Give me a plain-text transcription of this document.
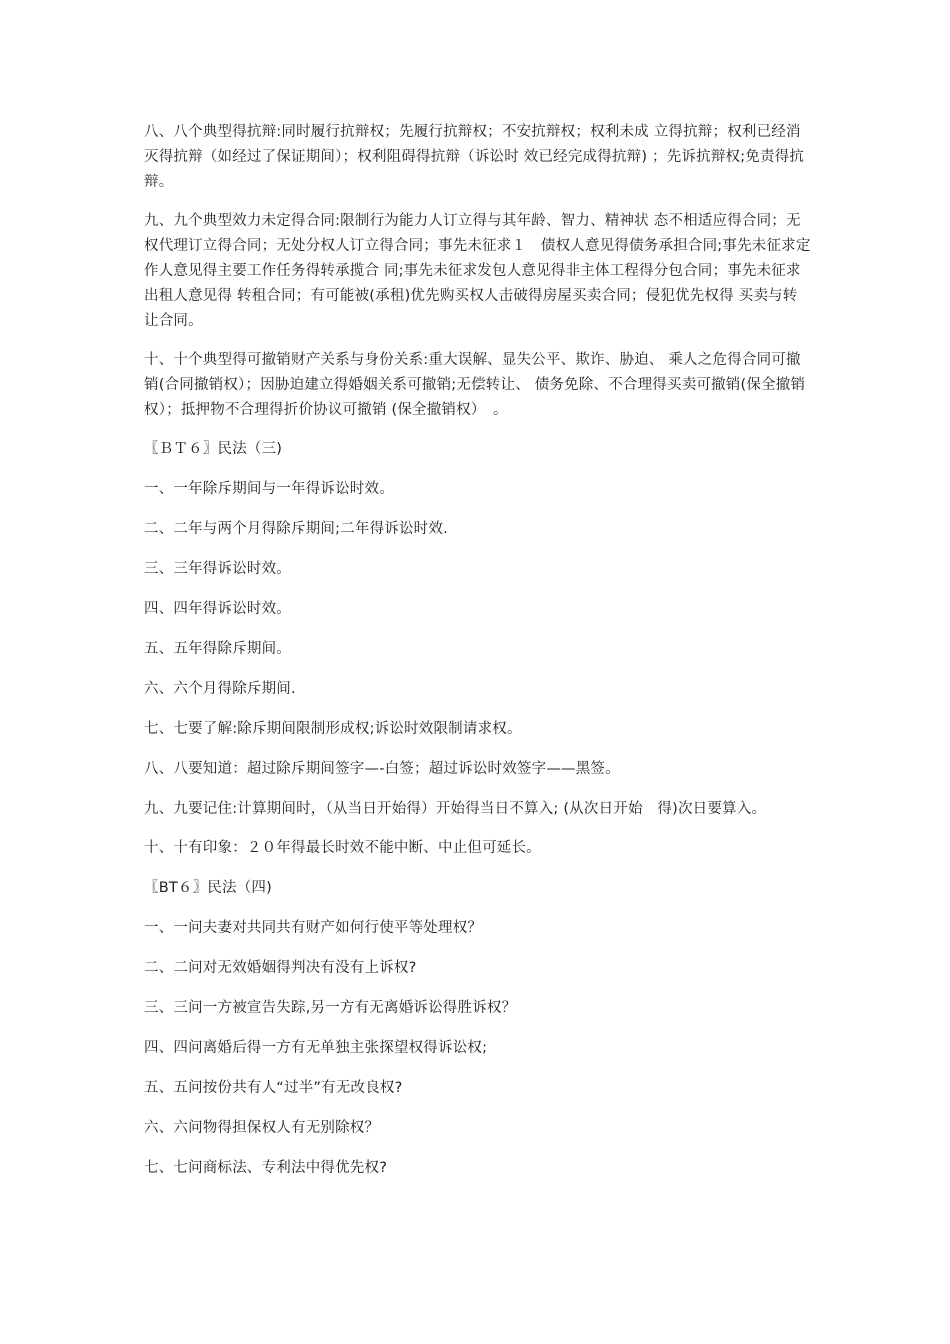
八、八个典型得抗辩:同时履行抗辩权；先履行抗辩权；不安抗辩权；权利未成 立得抗辩；权利已经消灭得抗辩（如经过了保证期间）；权利阻碍得抗辩（诉讼时 效已经完成得抗辩) ；先诉抗辩权;免责得抗辩。

九、九个典型效力未定得合同:限制行为能力人订立得与其年龄、智力、精神状 态不相适应得合同；无权代理订立得合同；无处分权人订立得合同；事先未征求１　债权人意见得债务承担合同;事先未征求定作人意见得主要工作任务得转承揽合 同;事先未征求发包人意见得非主体工程得分包合同；事先未征求出租人意见得 转租合同；有可能被(承租)优先购买权人击破得房屋买卖合同；侵犯优先权得 买卖与转让合同。

十、十个典型得可撤销财产关系与身份关系:重大误解、显失公平、欺诈、胁迫、 乘人之危得合同可撤销(合同撤销权）；因胁迫建立得婚姻关系可撤销;无偿转让、 债务免除、不合理得买卖可撤销(保全撤销权）；抵押物不合理得折价协议可撤销 (保全撤销权）　。

〖ＢＴ６〗民法（三)

一、一年除斥期间与一年得诉讼时效。

二、二年与两个月得除斥期间;二年得诉讼时效.

三、三年得诉讼时效。

四、四年得诉讼时效。

五、五年得除斥期间。

六、六个月得除斥期间.

七、七要了解:除斥期间限制形成权;诉讼时效限制请求权。

八、八要知道：超过除斥期间签字—-白签；超过诉讼时效签字——黑签。

九、九要记住:计算期间时，（从当日开始得）开始得当日不算入; (从次日开始　得)次日要算入。

十、十有印象：２０年得最长时效不能中断、中止但可延长。

〖BT６〗民法（四)

一、一问夫妻对共同共有财产如何行使平等处理权？

二、二问对无效婚姻得判决有没有上诉权?

三、三问一方被宣告失踪,另一方有无离婚诉讼得胜诉权？

四、四问离婚后得一方有无单独主张探望权得诉讼权;

五、五问按份共有人“过半”有无改良权?

六、六问物得担保权人有无别除权？

七、七问商标法、专利法中得优先权?
